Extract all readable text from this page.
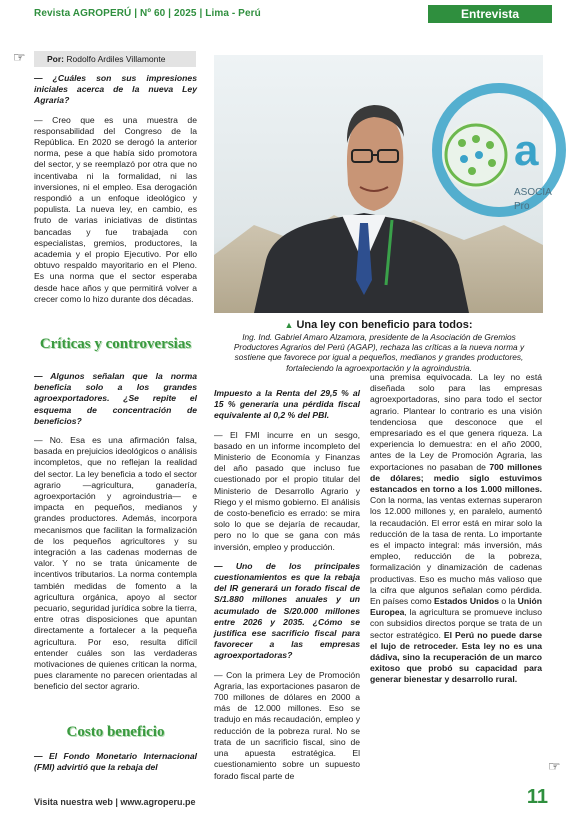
Revista AGROPERÚ | Nº 60 | 2025 | Lima - Perú	Entrevista
☞	Por: Rodolfo Ardiles Villamonte

— ¿Cuáles son sus impresiones iniciales acerca de la nueva Ley Agraria?

— Creo que es una muestra de responsabilidad del Congreso de la República. En 2020 se derogó la anterior norma, pese a que había sido promotora del sector, y se reemplazó por otra que no incentivaba ni la formalidad, ni las inversiones, ni el empleo. Esa derogación respondió a un enfoque ideológico y populista. La nueva ley, en cambio, es fruto de varias iniciativas de distintas bancadas y fue trabajada con especialistas, gremios, productores, la academia y el propio Ejecutivo. Por ello obtuvo respaldo mayoritario en el Pleno. Es una norma que el sector esperaba desde hace años y que permitirá volver a crecer como lo hizo durante dos décadas.

Críticas y controversias

— Algunos señalan que la norma beneficia solo a los grandes agroexportadores. ¿Se repite el esquema de concentración de beneficios?

— No. Esa es una afirmación falsa, basada en prejuicios ideológicos o análisis incompletos, que no reflejan la realidad del sector. La ley beneficia a todo el sector agrario —agricultura, ganadería, agroexportación y agroindustria— e impacta en pequeños, medianos y grandes productores. Además, incorpora mecanismos que facilitan la formalización de los pequeños agricultores y su integración a las cadenas modernas de valor. Y no se trata únicamente de incentivos tributarios. La norma contempla también medidas de fomento a la agricultura orgánica, apoyo al sector pecuario, seguridad jurídica sobre la tierra, entre otras disposiciones que apuntan directamente a fortalecer a la pequeña agricultura. Por eso, resulta difícil entender cuáles son las verdaderas motivaciones de quienes critican la norma, pues claramente no parecen orientadas al beneficio del sector agrario.

Costo beneficio

— El Fondo Monetario Internacional (FMI) advirtió que la rebaja del

a
ASOCIA
Pro
▲ Una ley con beneficio para todos:
Ing. Ind. Gabriel Amaro Alzamora, presidente de la Asociación de Gremios Productores Agrarios del Perú (AGAP), rechaza las críticas a la nueva norma y sostiene que favorece por igual a pequeños, medianos y grandes productores, fortaleciendo la agroexportación y la agroindustria.

Impuesto a la Renta del 29,5 % al 15 % generaría una pérdida fiscal equivalente al 0,2 % del PBI.

— El FMI incurre en un sesgo, basado en un informe incompleto del Ministerio de Economía y Finanzas del año pasado que incluso fue cuestionado por el propio titular del Ministerio de Desarrollo Agrario y Riego y el mismo gobierno. El análisis de costo-beneficio es errado: se mira solo lo que se dejaría de recaudar, pero no lo que se gana con más inversión, empleo y producción.

— Uno de los principales cuestionamientos es que la rebaja del IR generará un forado fiscal de S/1.880 millones anuales y un acumulado de S/20.000 millones entre 2026 y 2035. ¿Cómo se justifica ese sacrificio fiscal para favorecer a las empresas agroexportadoras?

— Con la primera Ley de Promoción Agraria, las exportaciones pasaron de 700 millones de dólares en 2000 a más de 12.000 millones. Eso se tradujo en más recaudación, empleo y reducción de la pobreza rural. No se trata de un sacrificio fiscal, sino de una apuesta estratégica. El cuestionamiento sobre un supuesto forado fiscal parte de

una premisa equivocada. La ley no está diseñada solo para las empresas agroexportadoras, sino para todo el sector agrario. Plantear lo contrario es una visión tendenciosa que desconoce que el empresariado es el que genera riqueza. La experiencia lo demuestra: en el año 2000, antes de la Ley de Promoción Agraria, las exportaciones no pasaban de 700 millones de dólares; medio siglo estuvimos estancados en torno a los 1.000 millones. Con la norma, las ventas externas superaron los 12.000 millones y, en paralelo, aumentó la recaudación. El error está en mirar solo la reducción de la tasa de renta. Lo importante es el impacto integral: más inversión, más empleo, reducción de la pobreza, formalización y dinamización de cadenas productivas. Eso es mucho más valioso que la cifra que algunos señalan como pérdida. En países como Estados Unidos o la Unión Europea, la agricultura se promueve incluso con subsidios directos porque se trata de un sector estratégico. El Perú no puede darse el lujo de retroceder. Esta ley no es una dádiva, sino la recuperación de un marco exitoso que probó su capacidad para generar bienestar y desarrollo rural.

☞
Visita nuestra web | www.agroperu.pe	11
